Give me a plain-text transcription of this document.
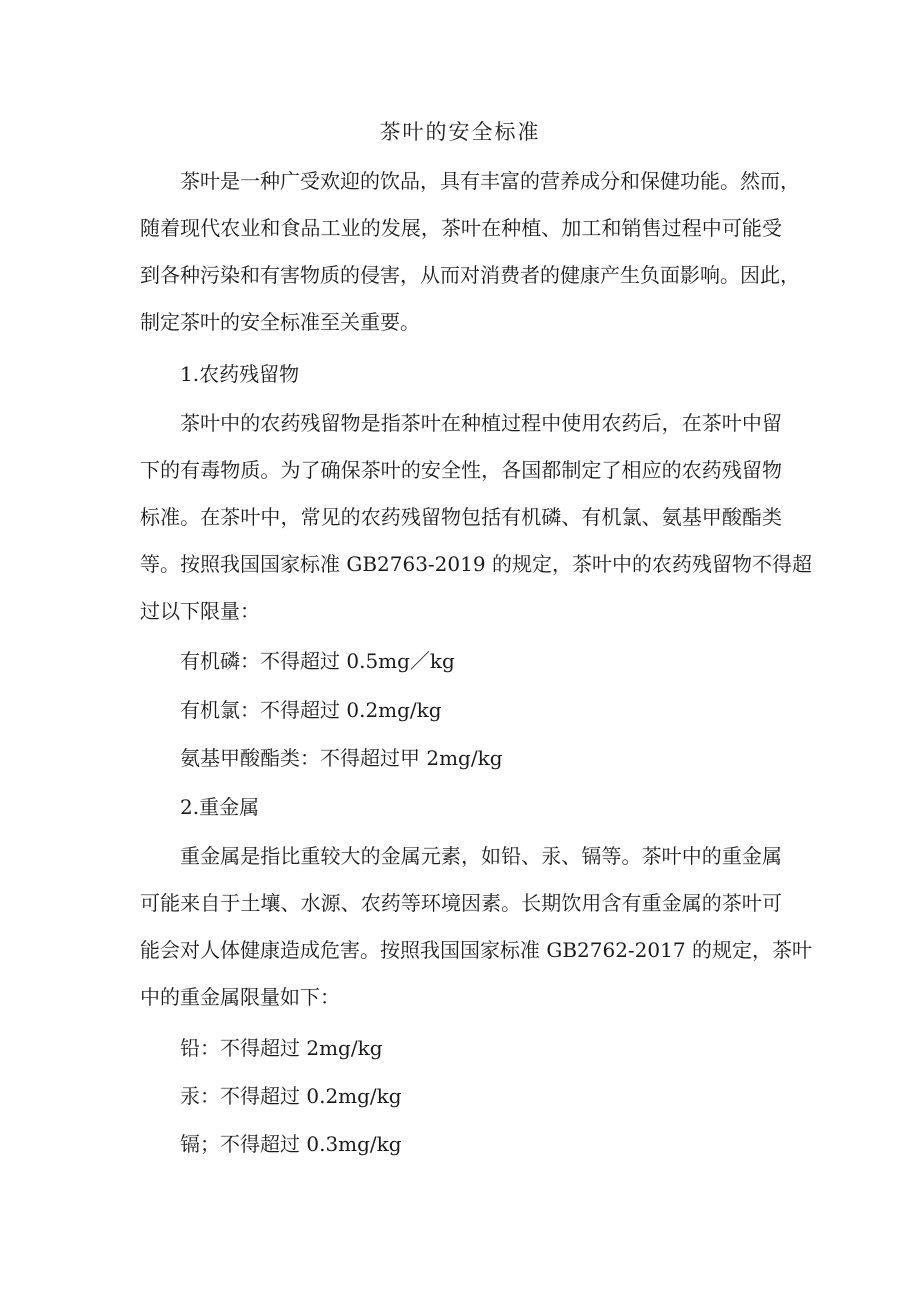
茶叶的安全标准

茶叶是一种广受欢迎的饮品，具有丰富的营养成分和保健功能。然而，

随着现代农业和食品工业的发展，茶叶在种植、加工和销售过程中可能受

到各种污染和有害物质的侵害，从而对消费者的健康产生负面影响。因此，

制定茶叶的安全标准至关重要。

1.农药残留物

茶叶中的农药残留物是指茶叶在种植过程中使用农药后，在茶叶中留

下的有毒物质。为了确保茶叶的安全性，各国都制定了相应的农药残留物

标准。在茶叶中，常见的农药残留物包括有机磷、有机氯、氨基甲酸酯类

等。按照我国国家标准 GB2763-2019 的规定，茶叶中的农药残留物不得超

过以下限量：

有机磷：不得超过 0.5mg／kg

有机氯：不得超过 0.2mg/kg

氨基甲酸酯类：不得超过甲 2mg/kg

2.重金属

重金属是指比重较大的金属元素，如铅、汞、镉等。茶叶中的重金属

可能来自于土壤、水源、农药等环境因素。长期饮用含有重金属的茶叶可

能会对人体健康造成危害。按照我国国家标准 GB2762-2017 的规定，茶叶

中的重金属限量如下：

铅：不得超过 2mg/kg

汞：不得超过 0.2mg/kg

镉；不得超过 0.3mg/kg
